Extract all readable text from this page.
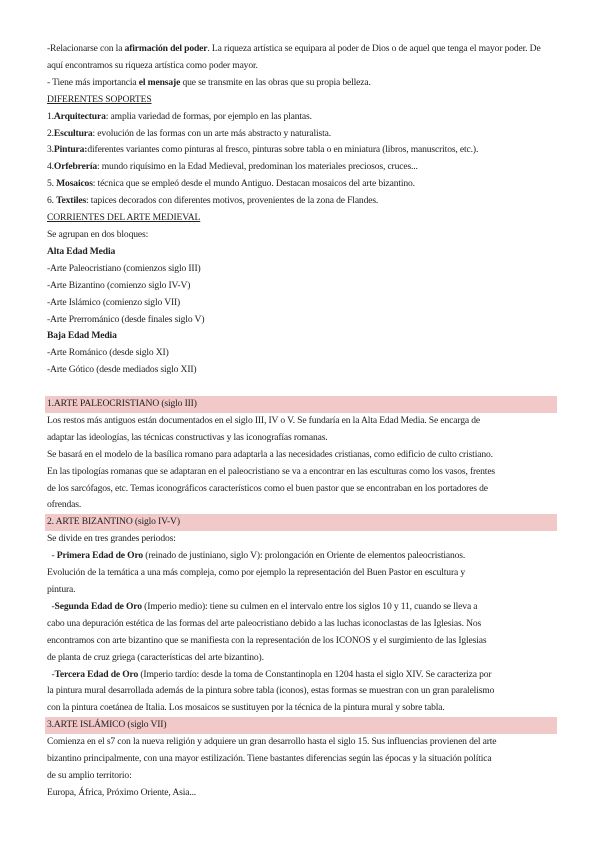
-Relacionarse con la afirmación del poder. La riqueza artística se equipara al poder de Dios o de aquel que tenga el mayor poder. De aquí encontramos su riqueza artística como poder mayor.

- Tiene más importancia el mensaje que se transmite en las obras que su propia belleza.

DIFERENTES SOPORTES

1.Arquitectura: amplia variedad de formas, por ejemplo en las plantas.

2.Escultura: evolución de las formas con un arte más abstracto y naturalista.

3.Pintura:diferentes variantes como pinturas al fresco, pinturas sobre tabla o en miniatura (libros, manuscritos, etc.).

4.Orfebrería: mundo riquísimo en la Edad Medieval, predominan los materiales preciosos, cruces...

5. Mosaicos: técnica que se empleó desde el mundo Antiguo. Destacan mosaicos del arte bizantino.

6. Textiles: tapices decorados con diferentes motivos, provenientes de la zona de Flandes.

CORRIENTES DEL ARTE MEDIEVAL

Se agrupan en dos bloques:

Alta Edad Media

-Arte Paleocristiano (comienzos siglo III)

-Arte Bizantino (comienzo siglo IV-V)

-Arte Islámico (comienzo siglo VII)

-Arte Prerrománico (desde finales siglo V)

Baja Edad Media

-Arte Románico (desde siglo XI)

-Arte Gótico (desde mediados siglo XII)

1.ARTE PALEOCRISTIANO (siglo III)

Los restos más antiguos están documentados en el siglo III, IV o V. Se fundaría en la Alta Edad Media. Se encarga de

adaptar las ideologías, las técnicas constructivas y las iconografías romanas.

Se basará en el modelo de la basílica romano para adaptarla a las necesidades cristianas, como edificio de culto cristiano.

En las tipologías romanas que se adaptaran en el paleocristiano se va a encontrar en las esculturas como los vasos, frentes

de los sarcófagos, etc. Temas iconográficos característicos como el buen pastor que se encontraban en los portadores de

ofrendas.

2. ARTE BIZANTINO (siglo IV-V)

Se divide en tres grandes periodos:

- Primera Edad de Oro (reinado de justiniano, siglo V): prolongación en Oriente de elementos paleocristianos.

Evolución de la temática a una más compleja, como por ejemplo la representación del Buen Pastor en escultura y

pintura.

-Segunda Edad de Oro (Imperio medio): tiene su culmen en el intervalo entre los siglos 10 y 11, cuando se lleva a

cabo una depuración estética de las formas del arte paleocristiano debido a las luchas iconoclastas de las Iglesias. Nos

encontramos con arte bizantino que se manifiesta con la representación de los ICONOS y el surgimiento de las Iglesias

de planta de cruz griega (características del arte bizantino).

-Tercera Edad de Oro (Imperio tardío: desde la toma de Constantinopla en 1204 hasta el siglo XIV. Se caracteriza por

la pintura mural desarrollada además de la pintura sobre tabla (iconos), estas formas se muestran con un gran paralelismo

con la pintura coetánea de Italia. Los mosaicos se sustituyen por la técnica de la pintura mural y sobre tabla.

3.ARTE ISLÁMICO (siglo VII)

Comienza en el s7 con la nueva religión y adquiere un gran desarrollo hasta el siglo 15. Sus influencias provienen del arte

bizantino principalmente, con una mayor estilización. Tiene bastantes diferencias según las épocas y la situación política

de su amplio territorio:

Europa, África, Próximo Oriente, Asia...
